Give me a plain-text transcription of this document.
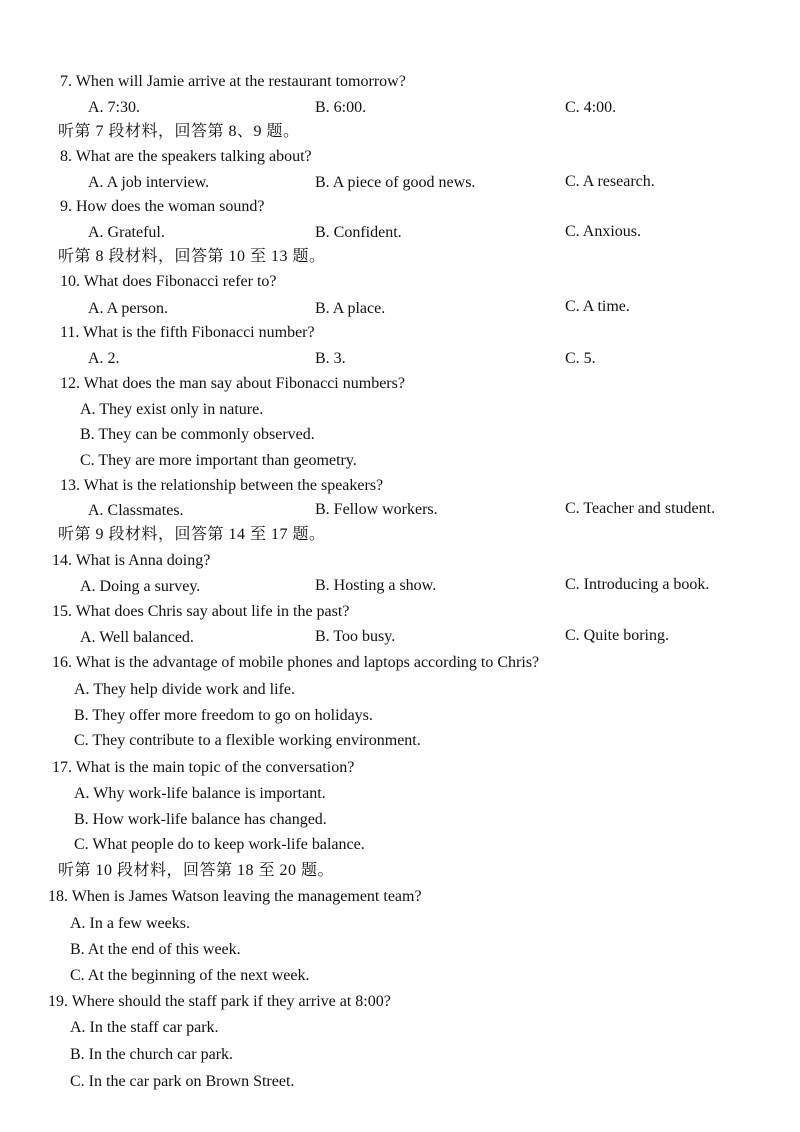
7. When will Jamie arrive at the restaurant tomorrow?
A. 7:30.	B. 6:00.	C. 4:00.
听第 7 段材料，回答第 8、9 题。
8. What are the speakers talking about?
A. A job interview.	B. A piece of good news.	C. A research.
9. How does the woman sound?
A. Grateful.	B. Confident.	C. Anxious.
听第 8 段材料，回答第 10 至 13 题。
10. What does Fibonacci refer to?
A. A person.	B. A place.	C. A time.
11. What is the fifth Fibonacci number?
A. 2.	B. 3.	C. 5.
12. What does the man say about Fibonacci numbers?
A. They exist only in nature.
B. They can be commonly observed.
C. They are more important than geometry.
13. What is the relationship between the speakers?
A. Classmates.	B. Fellow workers.	C. Teacher and student.
听第 9 段材料，回答第 14 至 17 题。
14. What is Anna doing?
A. Doing a survey.	B. Hosting a show.	C. Introducing a book.
15. What does Chris say about life in the past?
A. Well balanced.	B. Too busy.	C. Quite boring.
16. What is the advantage of mobile phones and laptops according to Chris?
A. They help divide work and life.
B. They offer more freedom to go on holidays.
C. They contribute to a flexible working environment.
17. What is the main topic of the conversation?
A. Why work-life balance is important.
B. How work-life balance has changed.
C. What people do to keep work-life balance.
听第 10 段材料，回答第 18 至 20 题。
18. When is James Watson leaving the management team?
A. In a few weeks.
B. At the end of this week.
C. At the beginning of the next week.
19. Where should the staff park if they arrive at 8:00?
A. In the staff car park.
B. In the church car park.
C. In the car park on Brown Street.
